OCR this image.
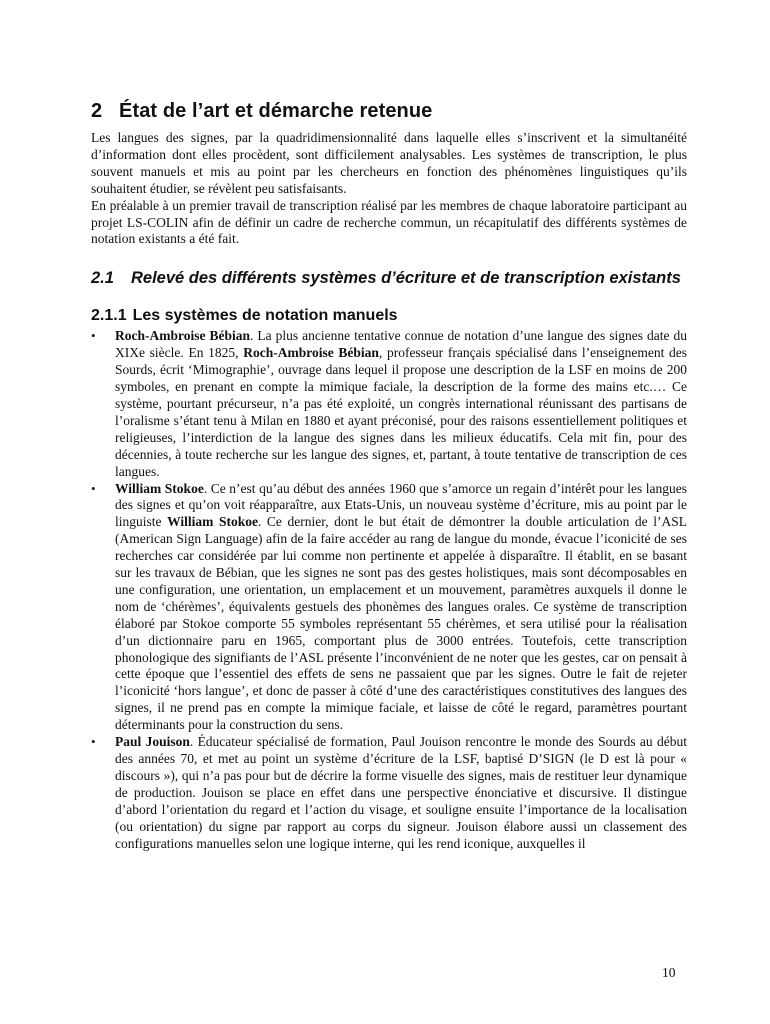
2 État de l’art et démarche retenue

Les langues des signes, par la quadridimensionnalité dans laquelle elles s’inscrivent et la simultanéité d’information dont elles procèdent, sont difficilement analysables. Les systèmes de transcription, le plus souvent manuels et mis au point par les chercheurs en fonction des phénomènes linguistiques qu’ils souhaitent étudier, se révèlent peu satisfaisants.

En préalable à un premier travail de transcription réalisé par les membres de chaque laboratoire participant au projet LS-COLIN afin de définir un cadre de recherche commun, un récapitulatif des différents systèmes de notation existants a été fait.

2.1 Relevé des différents systèmes d’écriture et de transcription existants
2.1.1 Les systèmes de notation manuels
• Roch-Ambroise Bébian. La plus ancienne tentative connue de notation d’une langue des signes date du XIXe siècle. En 1825, Roch-Ambroise Bébian, professeur français spécialisé dans l’enseignement des Sourds, écrit ‘Mimographie’, ouvrage dans lequel il propose une description de la LSF en moins de 200 symboles, en prenant en compte la mimique faciale, la description de la forme des mains etc.… Ce système, pourtant précurseur, n’a pas été exploité, un congrès international réunissant des partisans de l’oralisme s’étant tenu à Milan en 1880 et ayant préconisé, pour des raisons essentiellement politiques et religieuses, l’interdiction de la langue des signes dans les milieux éducatifs. Cela mit fin, pour des décennies, à toute recherche sur les langue des signes, et, partant, à toute tentative de transcription de ces langues.
• William Stokoe. Ce n’est qu’au début des années 1960 que s’amorce un regain d’intérêt pour les langues des signes et qu’on voit réapparaître, aux Etats-Unis, un nouveau système d’écriture, mis au point par le linguiste William Stokoe. Ce dernier, dont le but était de démontrer la double articulation de l’ASL (American Sign Language) afin de la faire accéder au rang de langue du monde, évacue l’iconicité de ses recherches car considérée par lui comme non pertinente et appelée à disparaître. Il établit, en se basant sur les travaux de Bébian, que les signes ne sont pas des gestes holistiques, mais sont décomposables en une configuration, une orientation, un emplacement et un mouvement, paramètres auxquels il donne le nom de ‘chérèmes’, équivalents gestuels des phonèmes des langues orales. Ce système de transcription élaboré par Stokoe comporte 55 symboles représentant 55 chérèmes, et sera utilisé pour la réalisation d’un dictionnaire paru en 1965, comportant plus de 3000 entrées. Toutefois, cette transcription phonologique des signifiants de l’ASL présente l’inconvénient de ne noter que les gestes, car on pensait à cette époque que l’essentiel des effets de sens ne passaient que par les signes. Outre le fait de rejeter l’iconicité ‘hors langue’, et donc de passer à côté d’une des caractéristiques constitutives des langues des signes, il ne prend pas en compte la mimique faciale, et laisse de côté le regard, paramètres pourtant déterminants pour la construction du sens.
• Paul Jouison. Éducateur spécialisé de formation, Paul Jouison rencontre le monde des Sourds au début des années 70, et met au point un système d’écriture de la LSF, baptisé D’SIGN (le D est là pour « discours »), qui n’a pas pour but de décrire la forme visuelle des signes, mais de restituer leur dynamique de production. Jouison se place en effet dans une perspective énonciative et discursive. Il distingue d’abord l’orientation du regard et l’action du visage, et souligne ensuite l’importance de la localisation (ou orientation) du signe par rapport au corps du signeur. Jouison élabore aussi un classement des configurations manuelles selon une logique interne, qui les rend iconique, auxquelles il
10
